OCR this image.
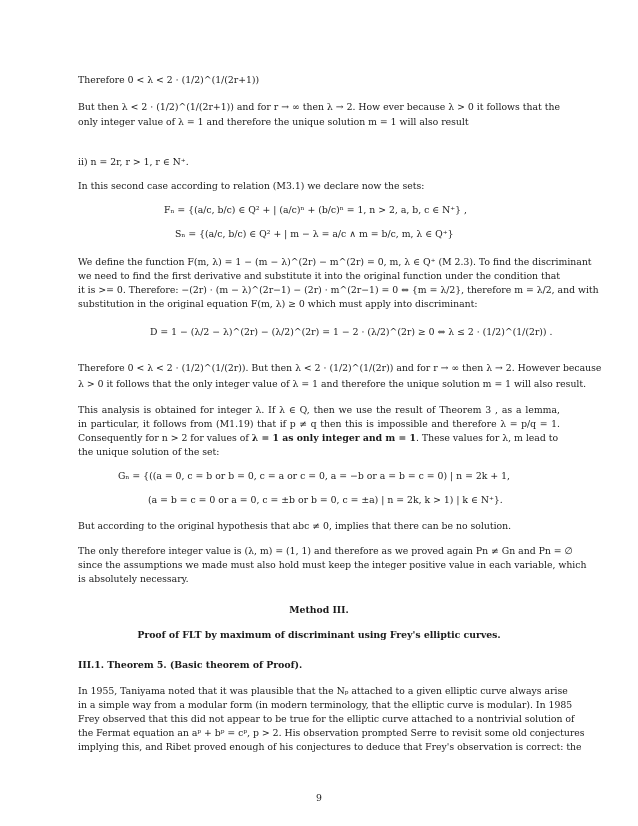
Therefore 0 < λ < 2 · (1/2)^(1/(2r+1))
But then λ < 2 · (1/2)^(1/(2r+1)) and for r → ∞ then λ → 2. How ever because λ > 0 it follows that the
only integer value of λ = 1 and therefore the unique solution m = 1 will also result
ii) n = 2r, r > 1, r ∈ N⁺.
In this second case according to relation (M3.1) we declare now the sets:
Fₙ = {(a/c, b/c) ∈ Q² + | (a/c)ⁿ + (b/c)ⁿ = 1, n > 2, a, b, c ∈ N⁺} ,
Sₙ = {(a/c, b/c) ∈ Q² + | m − λ = a/c ∧ m = b/c, m, λ ∈ Q⁺}
We define the function F(m, λ) = 1 − (m − λ)^(2r) − m^(2r) = 0, m, λ ∈ Q⁺ (M 2.3). To find the discriminant
we need to find the first derivative and substitute it into the original function under the condition that
it is >= 0. Therefore: −(2r) · (m − λ)^(2r−1) − (2r) · m^(2r−1) = 0 ⇔ {m = λ/2}, therefore m = λ/2, and with
substitution in the original equation F(m, λ) ≥ 0 which must apply into discriminant:
D = 1 − (λ/2 − λ)^(2r) − (λ/2)^(2r) = 1 − 2 · (λ/2)^(2r) ≥ 0 ⇔ λ ≤ 2 · (1/2)^(1/(2r)) .
Therefore 0 < λ < 2 · (1/2)^(1/(2r)). But then λ < 2 · (1/2)^(1/(2r)) and for r → ∞ then λ → 2. However because
λ > 0 it follows that the only integer value of λ = 1 and therefore the unique solution m = 1 will also result.
This analysis is obtained for integer λ. If λ ∈ Q, then we use the result of Theorem 3 , as a lemma,
in particular, it follows from (M1.19) that if p ≠ q then this is impossible and therefore λ = p/q = 1.
Consequently for n > 2 for values of λ = 1 as only integer and m = 1. These values for λ, m lead to
the unique solution of the set:
Gₙ = {((a = 0, c = b or b = 0, c = a or c = 0, a = −b or a = b = c = 0) | n = 2k + 1,
(a = b = c = 0 or a = 0, c = ±b or b = 0, c = ±a) | n = 2k, k > 1) | k ∈ N⁺}.
But according to the original hypothesis that abc ≠ 0, implies that there can be no solution.
The only therefore integer value is (λ, m) = (1, 1) and therefore as we proved again Pn ≠ Gn and Pn = ∅
since the assumptions we made must also hold must keep the integer positive value in each variable, which
is absolutely necessary.
Method III.
Proof of FLT by maximum of discriminant using Frey's elliptic curves.
III.1. Theorem 5. (Basic theorem of Proof).
In 1955, Taniyama noted that it was plausible that the Nₚ attached to a given elliptic curve always arise
in a simple way from a modular form (in modern terminology, that the elliptic curve is modular). In 1985
Frey observed that this did not appear to be true for the elliptic curve attached to a nontrivial solution of
the Fermat equation an aᵖ + bᵖ = cᵖ, p > 2. His observation prompted Serre to revisit some old conjectures
implying this, and Ribet proved enough of his conjectures to deduce that Frey's observation is correct: the
9
